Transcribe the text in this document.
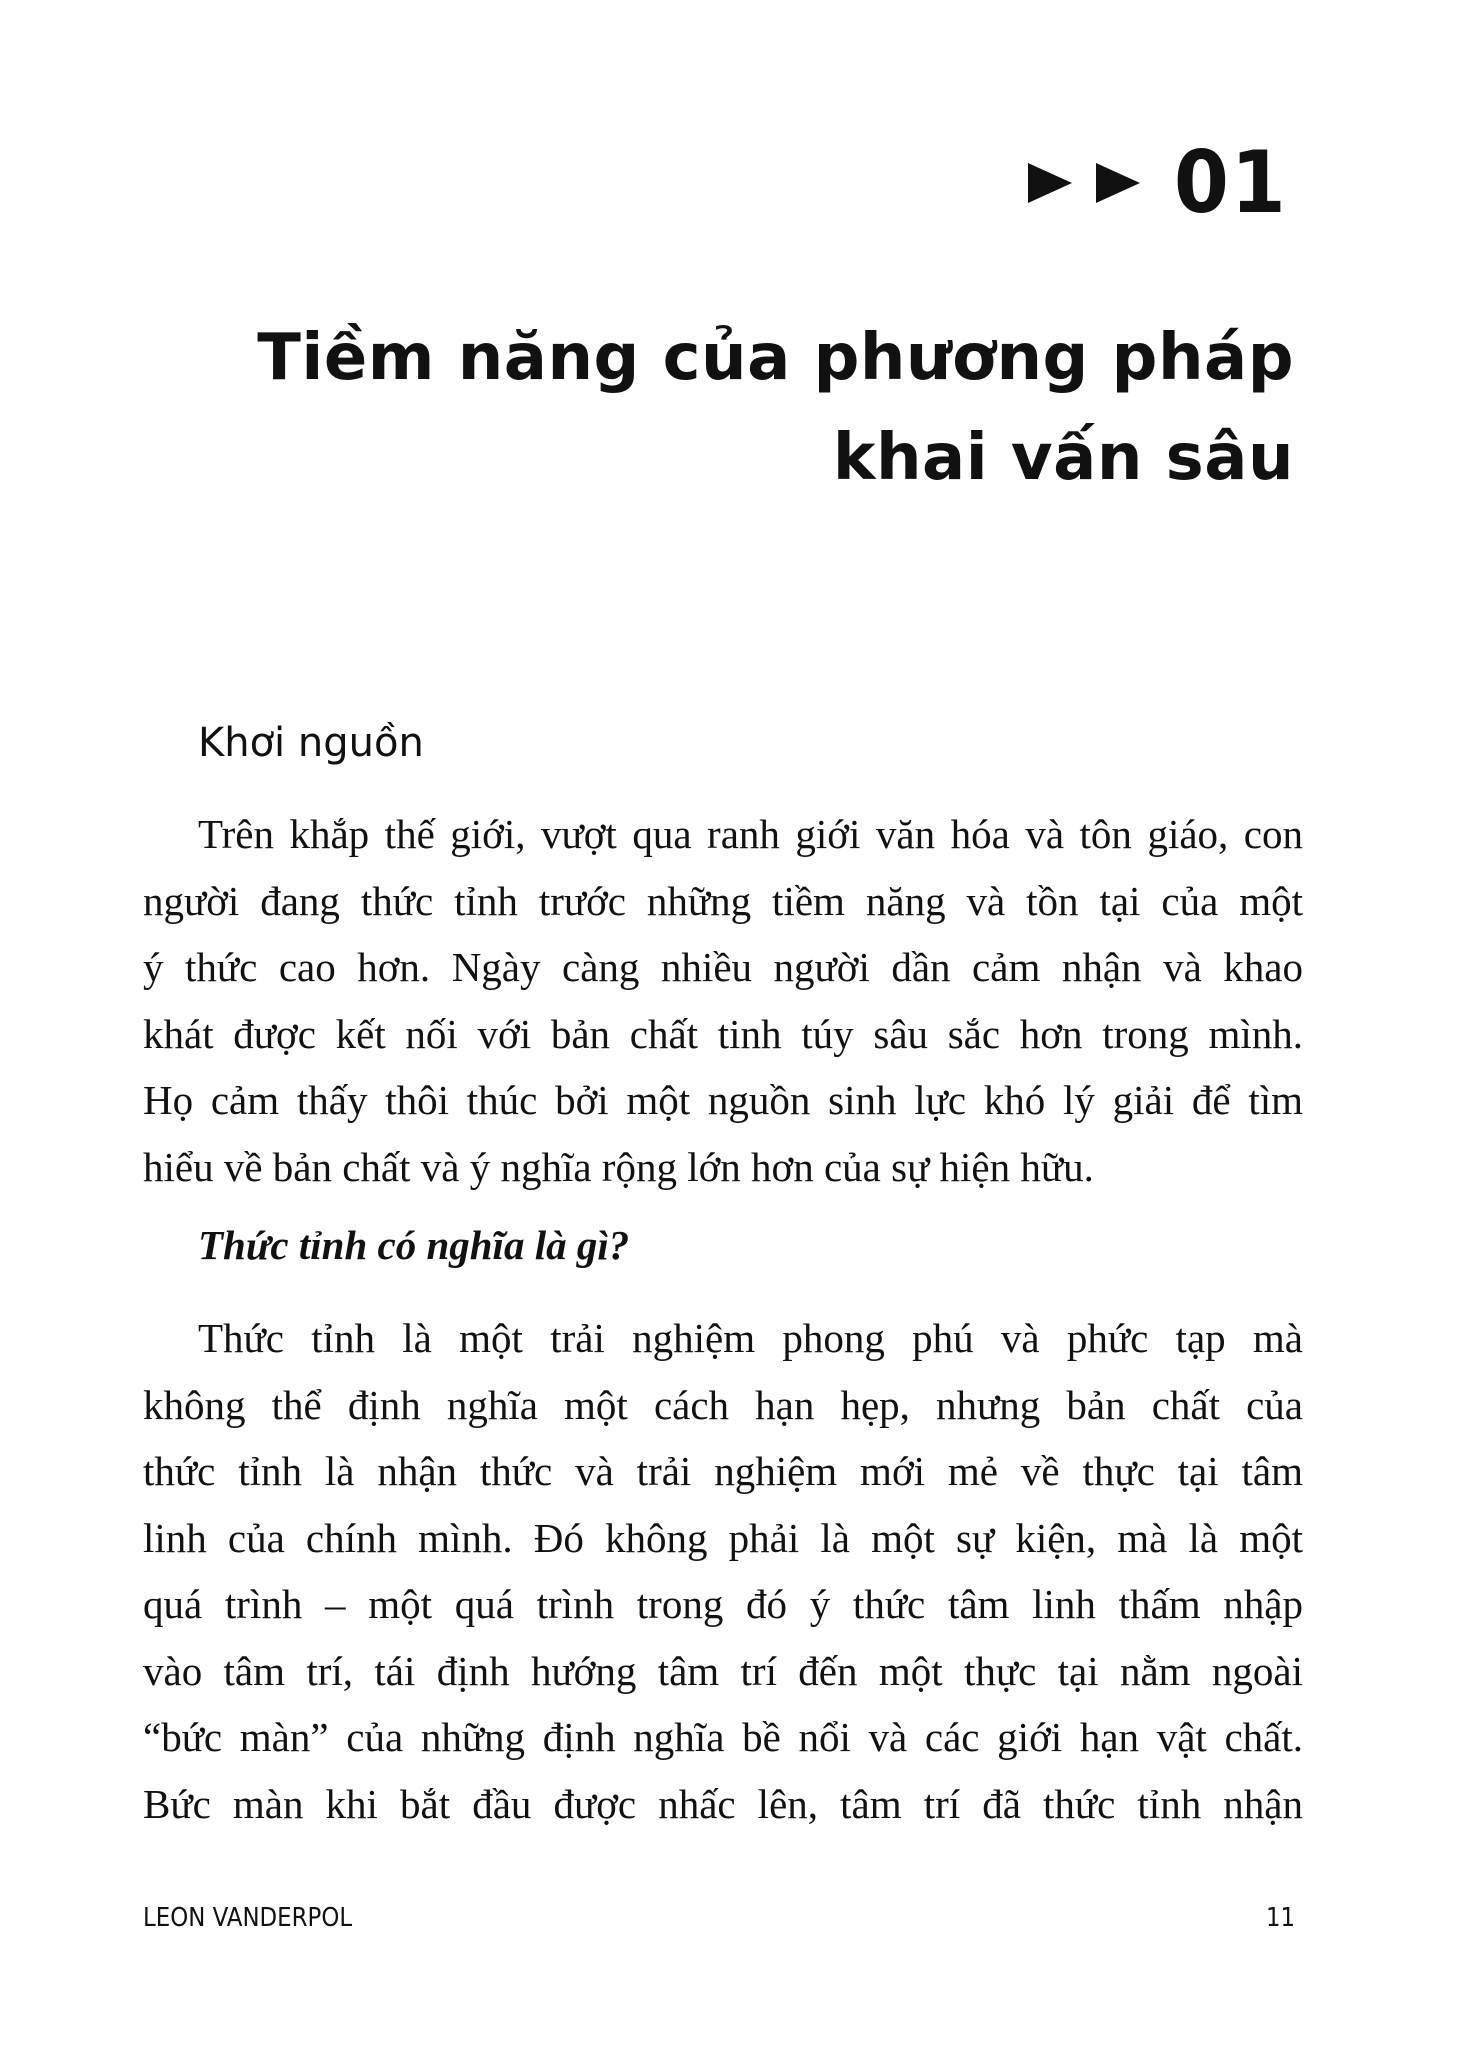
01
Tiềm năng của phương pháp
khai vấn sâu
Khơi nguồn
Trên khắp thế giới, vượt qua ranh giới văn hóa và tôn giáo, con
người đang thức tỉnh trước những tiềm năng và tồn tại của một
ý thức cao hơn. Ngày càng nhiều người dần cảm nhận và khao
khát được kết nối với bản chất tinh túy sâu sắc hơn trong mình.
Họ cảm thấy thôi thúc bởi một nguồn sinh lực khó lý giải để tìm
hiểu về bản chất và ý nghĩa rộng lớn hơn của sự hiện hữu.
Thức tỉnh có nghĩa là gì?
Thức tỉnh là một trải nghiệm phong phú và phức tạp mà
không thể định nghĩa một cách hạn hẹp, nhưng bản chất của
thức tỉnh là nhận thức và trải nghiệm mới mẻ về thực tại tâm
linh của chính mình. Đó không phải là một sự kiện, mà là một
quá trình – một quá trình trong đó ý thức tâm linh thấm nhập
vào tâm trí, tái định hướng tâm trí đến một thực tại nằm ngoài
“bức màn” của những định nghĩa bề nổi và các giới hạn vật chất.
Bức màn khi bắt đầu được nhấc lên, tâm trí đã thức tỉnh nhận
LEON VANDERPOL	11
